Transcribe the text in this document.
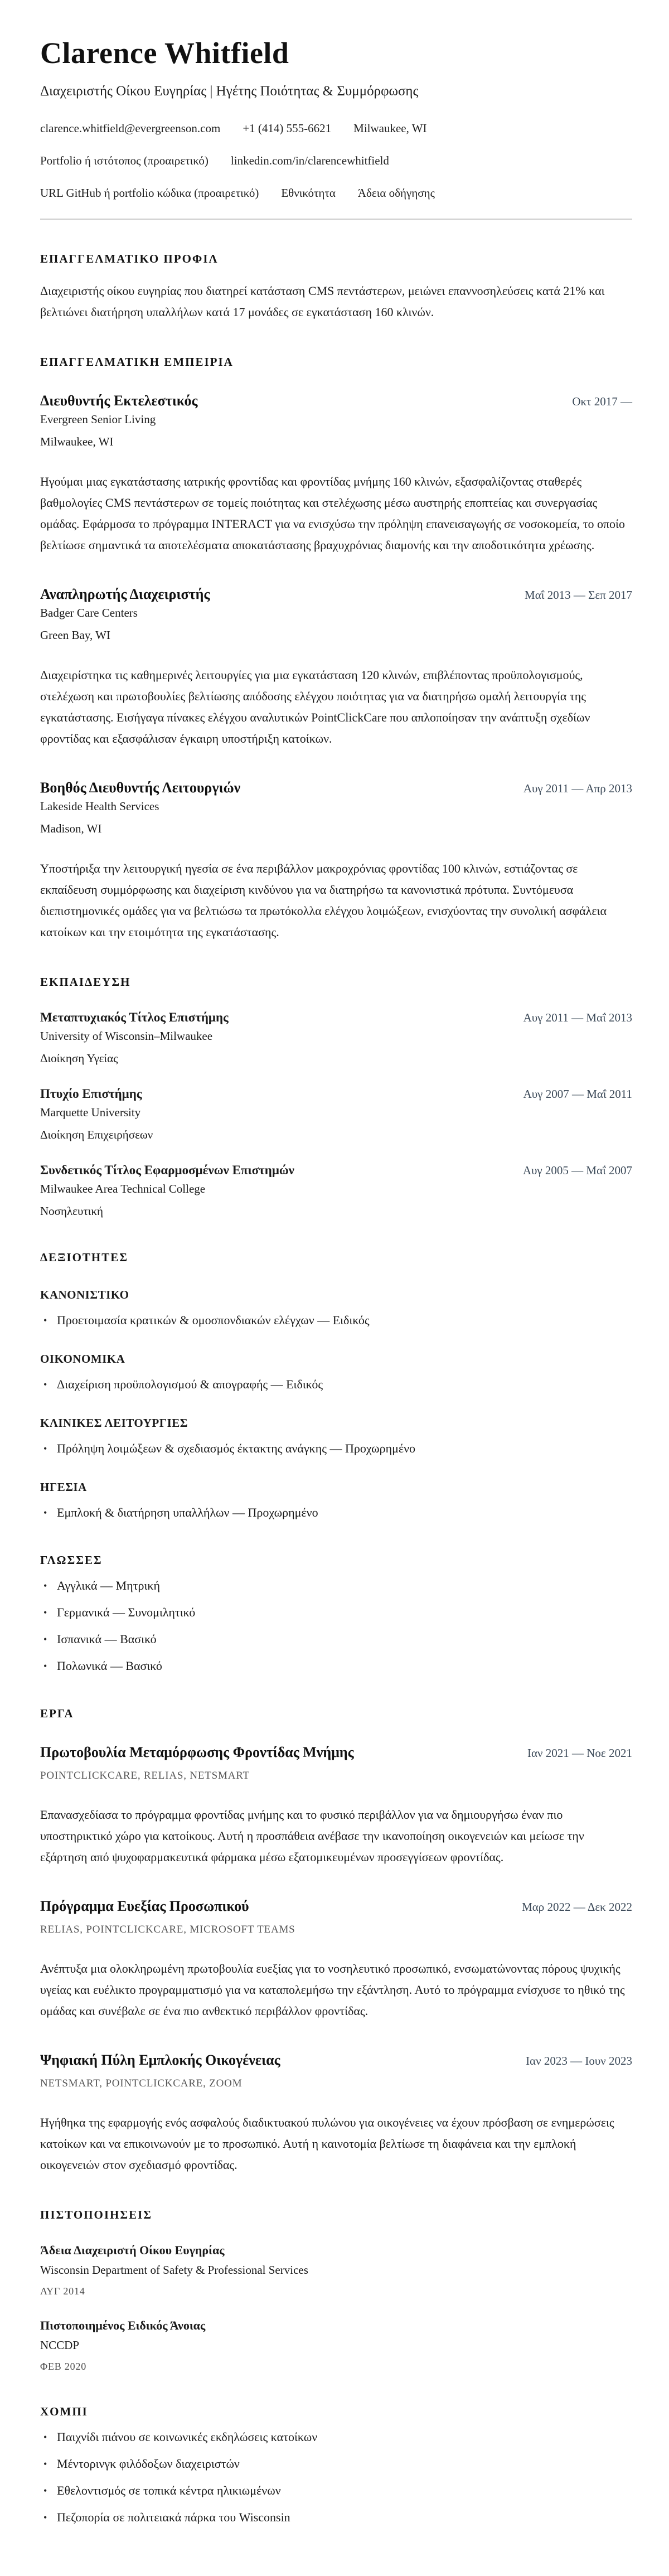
Clarence Whitfield
Διαχειριστής Οίκου Ευγηρίας | Ηγέτης Ποιότητας & Συμμόρφωσης
clarence.whitfield@evergreenson.com +1 (414) 555-6621 Milwaukee, WI
Portfolio ή ιστότοπος (προαιρετικό) linkedin.com/in/clarencewhitfield
URL GitHub ή portfolio κώδικα (προαιρετικό) Εθνικότητα Άδεια οδήγησης
ΕΠΑΓΓΕΛΜΑΤΙΚΟ ΠΡΟΦΙΛ

Διαχειριστής οίκου ευγηρίας που διατηρεί κατάσταση CMS πεντάστερων, μειώνει επαννοσηλεύσεις κατά 21% και βελτιώνει διατήρηση υπαλλήλων κατά 17 μονάδες σε εγκατάσταση 160 κλινών.

ΕΠΑΓΓΕΛΜΑΤΙΚΗ ΕΜΠΕΙΡΙΑ
Διευθυντής Εκτελεστικός	Οκτ 2017 —
Evergreen Senior Living
Milwaukee, WI

Ηγούμαι μιας εγκατάστασης ιατρικής φροντίδας και φροντίδας μνήμης 160 κλινών, εξασφαλίζοντας σταθερές βαθμολογίες CMS πεντάστερων σε τομείς ποιότητας και στελέχωσης μέσω αυστηρής εποπτείας και συνεργασίας ομάδας. Εφάρμοσα το πρόγραμμα INTERACT για να ενισχύσω την πρόληψη επανεισαγωγής σε νοσοκομεία, το οποίο βελτίωσε σημαντικά τα αποτελέσματα αποκατάστασης βραχυχρόνιας διαμονής και την αποδοτικότητα χρέωσης.

Αναπληρωτής Διαχειριστής	Μαΐ 2013 — Σεπ 2017
Badger Care Centers
Green Bay, WI

Διαχειρίστηκα τις καθημερινές λειτουργίες για μια εγκατάσταση 120 κλινών, επιβλέποντας προϋπολογισμούς, στελέχωση και πρωτοβουλίες βελτίωσης απόδοσης ελέγχου ποιότητας για να διατηρήσω ομαλή λειτουργία της εγκατάστασης. Εισήγαγα πίνακες ελέγχου αναλυτικών PointClickCare που απλοποίησαν την ανάπτυξη σχεδίων φροντίδας και εξασφάλισαν έγκαιρη υποστήριξη κατοίκων.

Βοηθός Διευθυντής Λειτουργιών	Αυγ 2011 — Απρ 2013
Lakeside Health Services
Madison, WI

Υποστήριξα την λειτουργική ηγεσία σε ένα περιβάλλον μακροχρόνιας φροντίδας 100 κλινών, εστιάζοντας σε εκπαίδευση συμμόρφωσης και διαχείριση κινδύνου για να διατηρήσω τα κανονιστικά πρότυπα. Συντόμευσα διεπιστημονικές ομάδες για να βελτιώσω τα πρωτόκολλα ελέγχου λοιμώξεων, ενισχύοντας την συνολική ασφάλεια κατοίκων και την ετοιμότητα της εγκατάστασης.

ΕΚΠΑΙΔΕΥΣΗ
Μεταπτυχιακός Τίτλος Επιστήμης	Αυγ 2011 — Μαΐ 2013
University of Wisconsin–Milwaukee
Διοίκηση Υγείας
Πτυχίο Επιστήμης	Αυγ 2007 — Μαΐ 2011
Marquette University
Διοίκηση Επιχειρήσεων
Συνδετικός Τίτλος Εφαρμοσμένων Επιστημών	Αυγ 2005 — Μαΐ 2007
Milwaukee Area Technical College
Νοσηλευτική
ΔΕΞΙΟΤΗΤΕΣ
ΚΑΝΟΝΙΣΤΙΚΟ
• Προετοιμασία κρατικών & ομοσπονδιακών ελέγχων — Ειδικός
ΟΙΚΟΝΟΜΙΚΑ
• Διαχείριση προϋπολογισμού & απογραφής — Ειδικός
ΚΛΙΝΙΚΕΣ ΛΕΙΤΟΥΡΓΙΕΣ
• Πρόληψη λοιμώξεων & σχεδιασμός έκτακτης ανάγκης — Προχωρημένο
ΗΓΕΣΙΑ
• Εμπλοκή & διατήρηση υπαλλήλων — Προχωρημένο
ΓΛΩΣΣΕΣ
• Αγγλικά — Μητρική
• Γερμανικά — Συνομιλητικό
• Ισπανικά — Βασικό
• Πολωνικά — Βασικό
ΕΡΓΑ
Πρωτοβουλία Μεταμόρφωσης Φροντίδας Μνήμης	Ιαν 2021 — Νοε 2021
POINTCLICKCARE, RELIAS, NETSMART

Επανασχεδίασα το πρόγραμμα φροντίδας μνήμης και το φυσικό περιβάλλον για να δημιουργήσω έναν πιο υποστηρικτικό χώρο για κατοίκους. Αυτή η προσπάθεια ανέβασε την ικανοποίηση οικογενειών και μείωσε την εξάρτηση από ψυχοφαρμακευτικά φάρμακα μέσω εξατομικευμένων προσεγγίσεων φροντίδας.

Πρόγραμμα Ευεξίας Προσωπικού	Μαρ 2022 — Δεκ 2022
RELIAS, POINTCLICKCARE, MICROSOFT TEAMS

Ανέπτυξα μια ολοκληρωμένη πρωτοβουλία ευεξίας για το νοσηλευτικό προσωπικό, ενσωματώνοντας πόρους ψυχικής υγείας και ευέλικτο προγραμματισμό για να καταπολεμήσω την εξάντληση. Αυτό το πρόγραμμα ενίσχυσε το ηθικό της ομάδας και συνέβαλε σε ένα πιο ανθεκτικό περιβάλλον φροντίδας.

Ψηφιακή Πύλη Εμπλοκής Οικογένειας	Ιαν 2023 — Ιουν 2023
NETSMART, POINTCLICKCARE, ZOOM

Ηγήθηκα της εφαρμογής ενός ασφαλούς διαδικτυακού πυλώνου για οικογένειες να έχουν πρόσβαση σε ενημερώσεις κατοίκων και να επικοινωνούν με το προσωπικό. Αυτή η καινοτομία βελτίωσε τη διαφάνεια και την εμπλοκή οικογενειών στον σχεδιασμό φροντίδας.

ΠΙΣΤΟΠΟΙΗΣΕΙΣ
Άδεια Διαχειριστή Οίκου Ευγηρίας
Wisconsin Department of Safety & Professional Services
ΑΥΓ 2014
Πιστοποιημένος Ειδικός Άνοιας
NCCDP
ΦΕΒ 2020
ΧΟΜΠΙ
• Παιχνίδι πιάνου σε κοινωνικές εκδηλώσεις κατοίκων
• Μέντορινγκ φιλόδοξων διαχειριστών
• Εθελοντισμός σε τοπικά κέντρα ηλικιωμένων
• Πεζοπορία σε πολιτειακά πάρκα του Wisconsin
